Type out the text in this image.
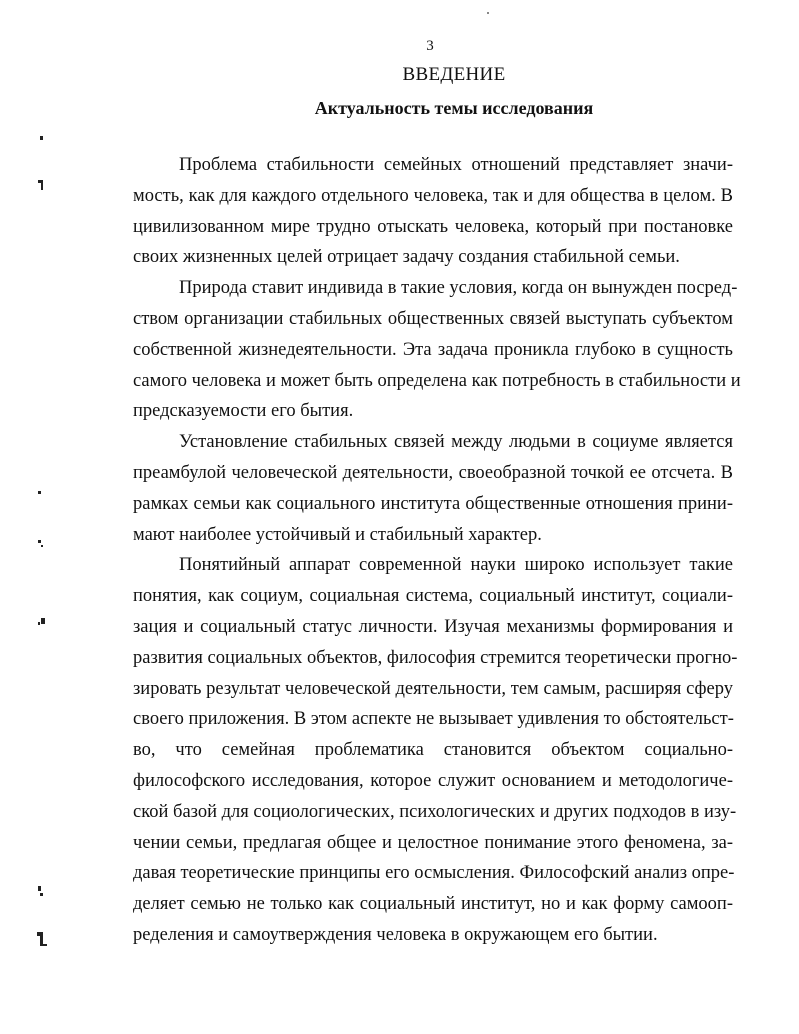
3
ВВЕДЕНИЕ
Актуальность темы исследования
Проблема стабильности семейных отношений представляет значи-
мость, как для каждого отдельного человека, так и для общества в целом. В
цивилизованном мире трудно отыскать человека, который при постановке
своих жизненных целей отрицает задачу создания стабильной семьи.
Природа ставит индивида в такие условия, когда он вынужден посред-
ством организации стабильных общественных связей выступать субъектом
собственной жизнедеятельности. Эта задача проникла глубоко в сущность
самого человека и может быть определена как потребность в стабильности и
предсказуемости его бытия.
Установление стабильных связей между людьми в социуме является
преамбулой человеческой деятельности, своеобразной точкой ее отсчета. В
рамках семьи как социального института общественные отношения прини-
мают наиболее устойчивый и стабильный характер.
Понятийный аппарат современной науки широко использует такие
понятия, как социум, социальная система, социальный институт, социали-
зация и социальный статус личности. Изучая механизмы формирования и
развития социальных объектов, философия стремится теоретически прогно-
зировать результат человеческой деятельности, тем самым, расширяя сферу
своего приложения. В этом аспекте не вызывает удивления то обстоятельст-
во, что семейная проблематика становится объектом социально-
философского исследования, которое служит основанием и методологиче-
ской базой для социологических, психологических и других подходов в изу-
чении семьи, предлагая общее и целостное понимание этого феномена, за-
давая теоретические принципы его осмысления. Философский анализ опре-
деляет семью не только как социальный институт, но и как форму самооп-
ределения и самоутверждения человека в окружающем его бытии.
